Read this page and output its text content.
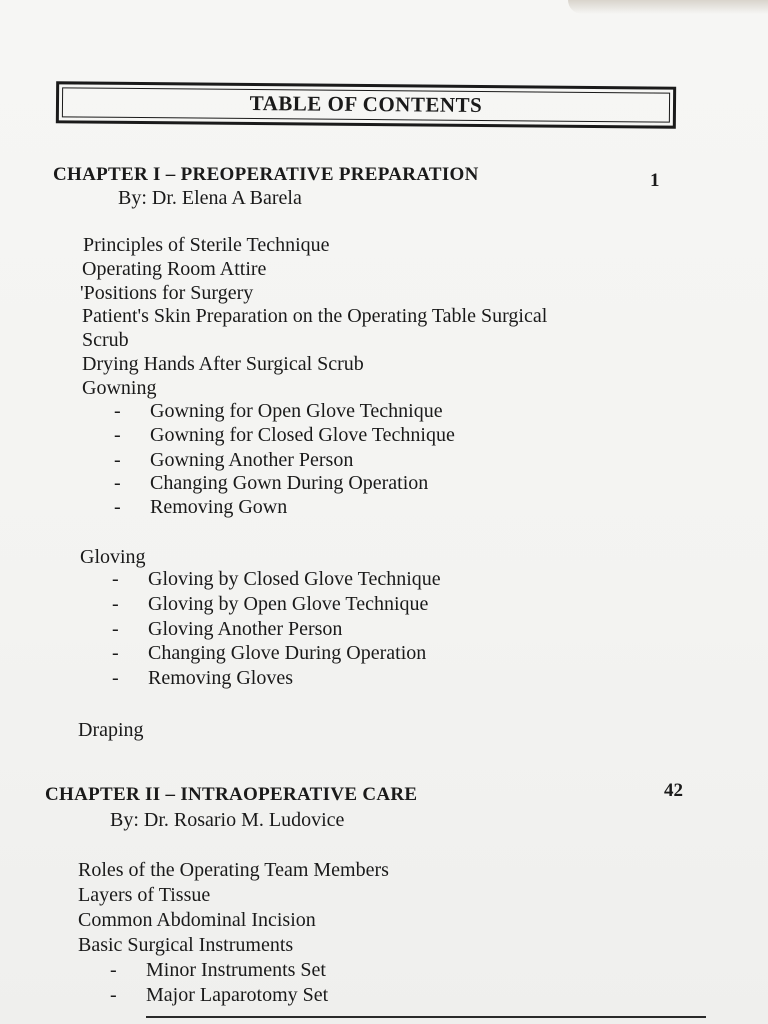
TABLE OF CONTENTS
CHAPTER I – PREOPERATIVE PREPARATION	1
By: Dr. Elena A Barela
Principles of Sterile Technique
Operating Room Attire
'Positions for Surgery
Patient's Skin Preparation on the Operating Table Surgical
Scrub
Drying Hands After Surgical Scrub
Gowning
- Gowning for Open Glove Technique
- Gowning for Closed Glove Technique
- Gowning Another Person
- Changing Gown During Operation
- Removing Gown
Gloving
- Gloving by Closed Glove Technique
- Gloving by Open Glove Technique
- Gloving Another Person
- Changing Glove During Operation
- Removing Gloves
Draping
CHAPTER II – INTRAOPERATIVE CARE	42
By: Dr. Rosario M. Ludovice
Roles of the Operating Team Members
Layers of Tissue
Common Abdominal Incision
Basic Surgical Instruments
- Minor Instruments Set
- Major Laparotomy Set
